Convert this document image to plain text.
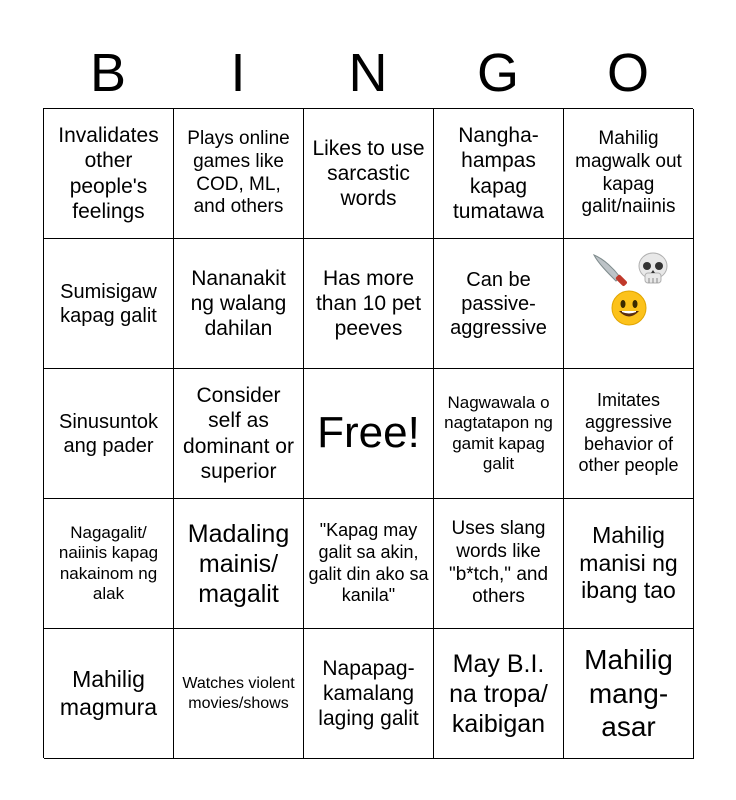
B	I	N	G	O
Invalidates other people's feelings
Plays online games like COD, ML, and others
Likes to use sarcastic words
Nangha-hampas kapag tumatawa
Mahilig magwalk out kapag galit/naiinis
Sumisigaw kapag galit
Nananakit ng walang dahilan
Has more than 10 pet peeves
Can be passive-aggressive
Sinusuntok ang pader
Consider self as dominant or superior
Free!
Nagwawala o nagtatapon ng gamit kapag galit
Imitates aggressive behavior of other people
Nagagalit/ naiinis kapag nakainom ng alak
Madaling mainis/ magalit
"Kapag may galit sa akin, galit din ako sa kanila"
Uses slang words like "b*tch," and others
Mahilig manisi ng ibang tao
Mahilig magmura
Watches violent movies/shows
Napapag-kamalang laging galit
May B.I. na tropa/ kaibigan
Mahilig mang-asar
